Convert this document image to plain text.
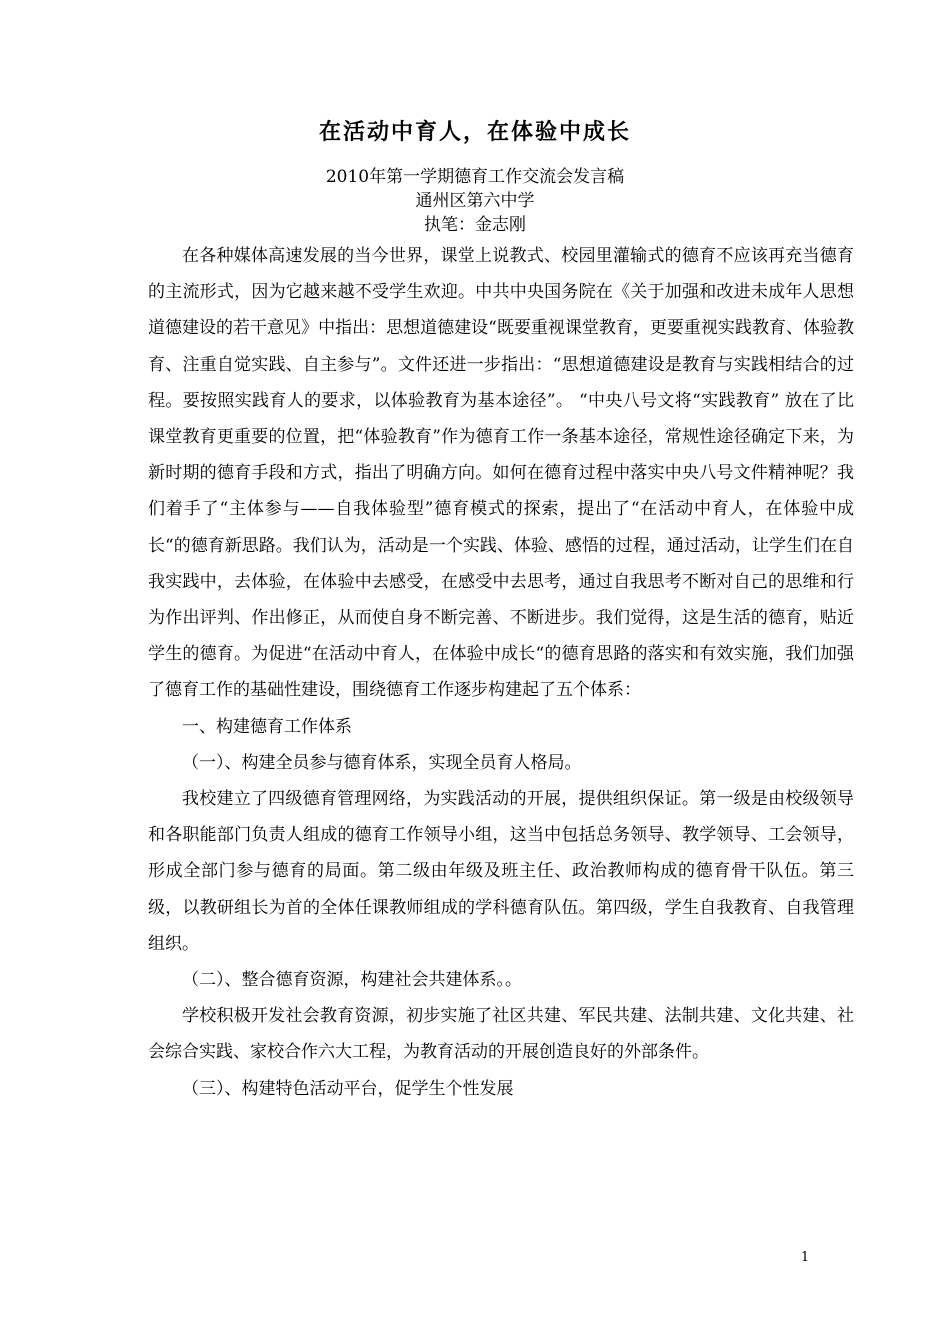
在活动中育人，在体验中成长
2010年第一学期德育工作交流会发言稿
通州区第六中学
执笔：金志刚

在各种媒体高速发展的当今世界，课堂上说教式、校园里灌输式的德育不应该再充当德育的主流形式，因为它越来越不受学生欢迎。中共中央国务院在《关于加强和改进未成年人思想道德建设的若干意见》中指出：思想道德建设“既要重视课堂教育，更要重视实践教育、体验教育、注重自觉实践、自主参与”。文件还进一步指出：“思想道德建设是教育与实践相结合的过程。要按照实践育人的要求，以体验教育为基本途径”。 “中央八号文将“实践教育” 放在了比课堂教育更重要的位置，把“体验教育”作为德育工作一条基本途径，常规性途径确定下来，为新时期的德育手段和方式，指出了明确方向。如何在德育过程中落实中央八号文件精神呢？我们着手了“主体参与——自我体验型”德育模式的探索，提出了“在活动中育人，在体验中成长“的德育新思路。我们认为，活动是一个实践、体验、感悟的过程，通过活动，让学生们在自我实践中，去体验，在体验中去感受，在感受中去思考，通过自我思考不断对自己的思维和行为作出评判、作出修正，从而使自身不断完善、不断进步。我们觉得，这是生活的德育，贴近学生的德育。为促进“在活动中育人，在体验中成长“的德育思路的落实和有效实施，我们加强了德育工作的基础性建设，围绕德育工作逐步构建起了五个体系：

一、构建德育工作体系

（一）、构建全员参与德育体系，实现全员育人格局。

我校建立了四级德育管理网络，为实践活动的开展，提供组织保证。第一级是由校级领导和各职能部门负责人组成的德育工作领导小组，这当中包括总务领导、教学领导、工会领导，形成全部门参与德育的局面。第二级由年级及班主任、政治教师构成的德育骨干队伍。第三级，以教研组长为首的全体任课教师组成的学科德育队伍。第四级，学生自我教育、自我管理组织。

（二）、整合德育资源，构建社会共建体系。。

学校积极开发社会教育资源，初步实施了社区共建、军民共建、法制共建、文化共建、社会综合实践、家校合作六大工程，为教育活动的开展创造良好的外部条件。

（三）、构建特色活动平台，促学生个性发展

1
